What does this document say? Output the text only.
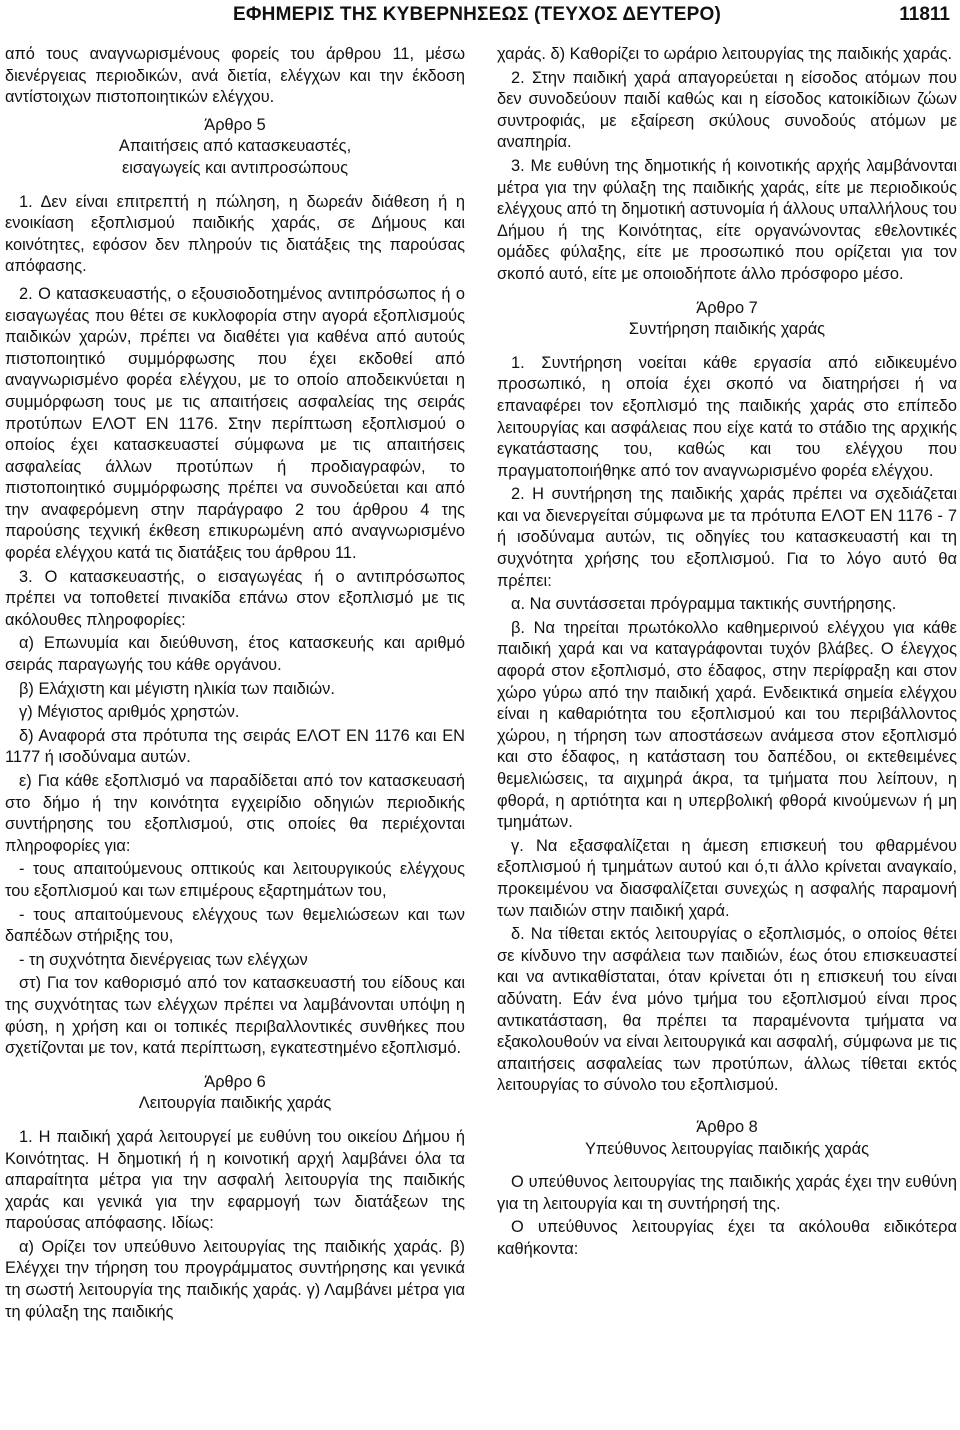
ΕΦΗΜΕΡΙΣ ΤΗΣ ΚΥΒΕΡΝΗΣΕΩΣ (ΤΕΥΧΟΣ ΔΕΥΤΕΡΟ)	11811

από τους αναγνωρισμένους φορείς του άρθρου 11, μέσω διενέργειας περιοδικών, ανά διετία, ελέγχων και την έκδοση αντίστοιχων πιστοποιητικών ελέγχου.

Άρθρο 5

Απαιτήσεις από κατασκευαστές,

εισαγωγείς και αντιπροσώπους

1. Δεν είναι επιτρεπτή η πώληση, η δωρεάν διάθεση ή η ενοικίαση εξοπλισμού παιδικής χαράς, σε Δήμους και κοινότητες, εφόσον δεν πληρούν τις διατάξεις της παρούσας απόφασης.

2. Ο κατασκευαστής, ο εξουσιοδοτημένος αντιπρόσωπος ή ο εισαγωγέας που θέτει σε κυκλοφορία στην αγορά εξοπλισμούς παιδικών χαρών, πρέπει να διαθέτει για καθένα από αυτούς πιστοποιητικό συμμόρφωσης που έχει εκδοθεί από αναγνωρισμένο φορέα ελέγχου, με το οποίο αποδεικνύεται η συμμόρφωση τους με τις απαιτήσεις ασφαλείας της σειράς προτύπων ΕΛΟΤ ΕΝ 1176. Στην περίπτωση εξοπλισμού ο οποίος έχει κατασκευαστεί σύμφωνα με τις απαιτήσεις ασφαλείας άλλων προτύπων ή προδιαγραφών, το πιστοποιητικό συμμόρφωσης πρέπει να συνοδεύεται και από την αναφερόμενη στην παράγραφο 2 του άρθρου 4 της παρούσης τεχνική έκθεση επικυρωμένη από αναγνωρισμένο φορέα ελέγχου κατά τις διατάξεις του άρθρου 11.

3. Ο κατασκευαστής, ο εισαγωγέας ή ο αντιπρόσωπος πρέπει να τοποθετεί πινακίδα επάνω στον εξοπλισμό με τις ακόλουθες πληροφορίες:

α) Επωνυμία και διεύθυνση, έτος κατασκευής και αριθμό σειράς παραγωγής του κάθε οργάνου.

β) Ελάχιστη και μέγιστη ηλικία των παιδιών.

γ) Μέγιστος αριθμός χρηστών.

δ) Αναφορά στα πρότυπα της σειράς ΕΛΟΤ ΕΝ 1176 και ΕΝ 1177 ή ισοδύναμα αυτών.

ε) Για κάθε εξοπλισμό να παραδίδεται από τον κατασκευασή στο δήμο ή την κοινότητα εγχειρίδιο οδηγιών περιοδικής συντήρησης του εξοπλισμού, στις οποίες θα περιέχονται πληροφορίες για:

- τους απαιτούμενους οπτικούς και λειτουργικούς ελέγχους του εξοπλισμού και των επιμέρους εξαρτημάτων του,

- τους απαιτούμενους ελέγχους των θεμελιώσεων και των δαπέδων στήριξης του,

- τη συχνότητα διενέργειας των ελέγχων

στ) Για τον καθορισμό από τον κατασκευαστή του είδους και της συχνότητας των ελέγχων πρέπει να λαμβάνονται υπόψη η φύση, η χρήση και οι τοπικές περιβαλλοντικές συνθήκες που σχετίζονται με τον, κατά περίπτωση, εγκατεστημένο εξοπλισμό.

Άρθρο 6

Λειτουργία παιδικής χαράς

1. Η παιδική χαρά λειτουργεί με ευθύνη του οικείου Δήμου ή Κοινότητας. Η δημοτική ή η κοινοτική αρχή λαμβάνει όλα τα απαραίτητα μέτρα για την ασφαλή λειτουργία της παιδικής χαράς και γενικά για την εφαρμογή των διατάξεων της παρούσας απόφασης. Ιδίως:

α) Ορίζει τον υπεύθυνο λειτουργίας της παιδικής χαράς. β) Ελέγχει την τήρηση του προγράμματος συντήρησης και γενικά τη σωστή λειτουργία της παιδικής χαράς. γ) Λαμβάνει μέτρα για τη φύλαξη της παιδικής

χαράς. δ) Καθορίζει το ωράριο λειτουργίας της παιδικής χαράς.

2. Στην παιδική χαρά απαγορεύεται η είσοδος ατόμων που δεν συνοδεύουν παιδί καθώς και η είσοδος κατοικίδιων ζώων συντροφιάς, με εξαίρεση σκύλους συνοδούς ατόμων με αναπηρία.

3. Με ευθύνη της δημοτικής ή κοινοτικής αρχής λαμβάνονται μέτρα για την φύλαξη της παιδικής χαράς, είτε με περιοδικούς ελέγχους από τη δημοτική αστυνομία ή άλλους υπαλλήλους του Δήμου ή της Κοινότητας, είτε οργανώνοντας εθελοντικές ομάδες φύλαξης, είτε με προσωπικό που ορίζεται για τον σκοπό αυτό, είτε με οποιοδήποτε άλλο πρόσφορο μέσο.

Άρθρο 7

Συντήρηση παιδικής χαράς

1. Συντήρηση νοείται κάθε εργασία από ειδικευμένο προσωπικό, η οποία έχει σκοπό να διατηρήσει ή να επαναφέρει τον εξοπλισμό της παιδικής χαράς στο επίπεδο λειτουργίας και ασφάλειας που είχε κατά το στάδιο της αρχικής εγκατάστασης του, καθώς και του ελέγχου που πραγματοποιήθηκε από τον αναγνωρισμένο φορέα ελέγχου.

2. Η συντήρηση της παιδικής χαράς πρέπει να σχεδιάζεται και να διενεργείται σύμφωνα με τα πρότυπα ΕΛΟΤ ΕΝ 1176 - 7 ή ισοδύναμα αυτών, τις οδηγίες του κατασκευαστή και τη συχνότητα χρήσης του εξοπλισμού. Για το λόγο αυτό θα πρέπει:

α. Να συντάσσεται πρόγραμμα τακτικής συντήρησης.

β. Να τηρείται πρωτόκολλο καθημερινού ελέγχου για κάθε παιδική χαρά και να καταγράφονται τυχόν βλάβες. Ο έλεγχος αφορά στον εξοπλισμό, στο έδαφος, στην περίφραξη και στον χώρο γύρω από την παιδική χαρά. Ενδεικτικά σημεία ελέγχου είναι η καθαριότητα του εξοπλισμού και του περιβάλλοντος χώρου, η τήρηση των αποστάσεων ανάμεσα στον εξοπλισμό και στο έδαφος, η κατάσταση του δαπέδου, οι εκτεθειμένες θεμελιώσεις, τα αιχμηρά άκρα, τα τμήματα που λείπουν, η φθορά, η αρτιότητα και η υπερβολική φθορά κινούμενων ή μη τμημάτων.

γ. Να εξασφαλίζεται η άμεση επισκευή του φθαρμένου εξοπλισμού ή τμημάτων αυτού και ό,τι άλλο κρίνεται αναγκαίο, προκειμένου να διασφαλίζεται συνεχώς η ασφαλής παραμονή των παιδιών στην παιδική χαρά.

δ. Να τίθεται εκτός λειτουργίας ο εξοπλισμός, ο οποίος θέτει σε κίνδυνο την ασφάλεια των παιδιών, έως ότου επισκευαστεί και να αντικαθίσταται, όταν κρίνεται ότι η επισκευή του είναι αδύνατη. Εάν ένα μόνο τμήμα του εξοπλισμού είναι προς αντικατάσταση, θα πρέπει τα παραμένοντα τμήματα να εξακολουθούν να είναι λειτουργικά και ασφαλή, σύμφωνα με τις απαιτήσεις ασφαλείας των προτύπων, άλλως τίθεται εκτός λειτουργίας το σύνολο του εξοπλισμού.

Άρθρο 8

Υπεύθυνος λειτουργίας παιδικής χαράς

Ο υπεύθυνος λειτουργίας της παιδικής χαράς έχει την ευθύνη για τη λειτουργία και τη συντήρησή της.

Ο υπεύθυνος λειτουργίας έχει τα ακόλουθα ειδικότερα καθήκοντα:
